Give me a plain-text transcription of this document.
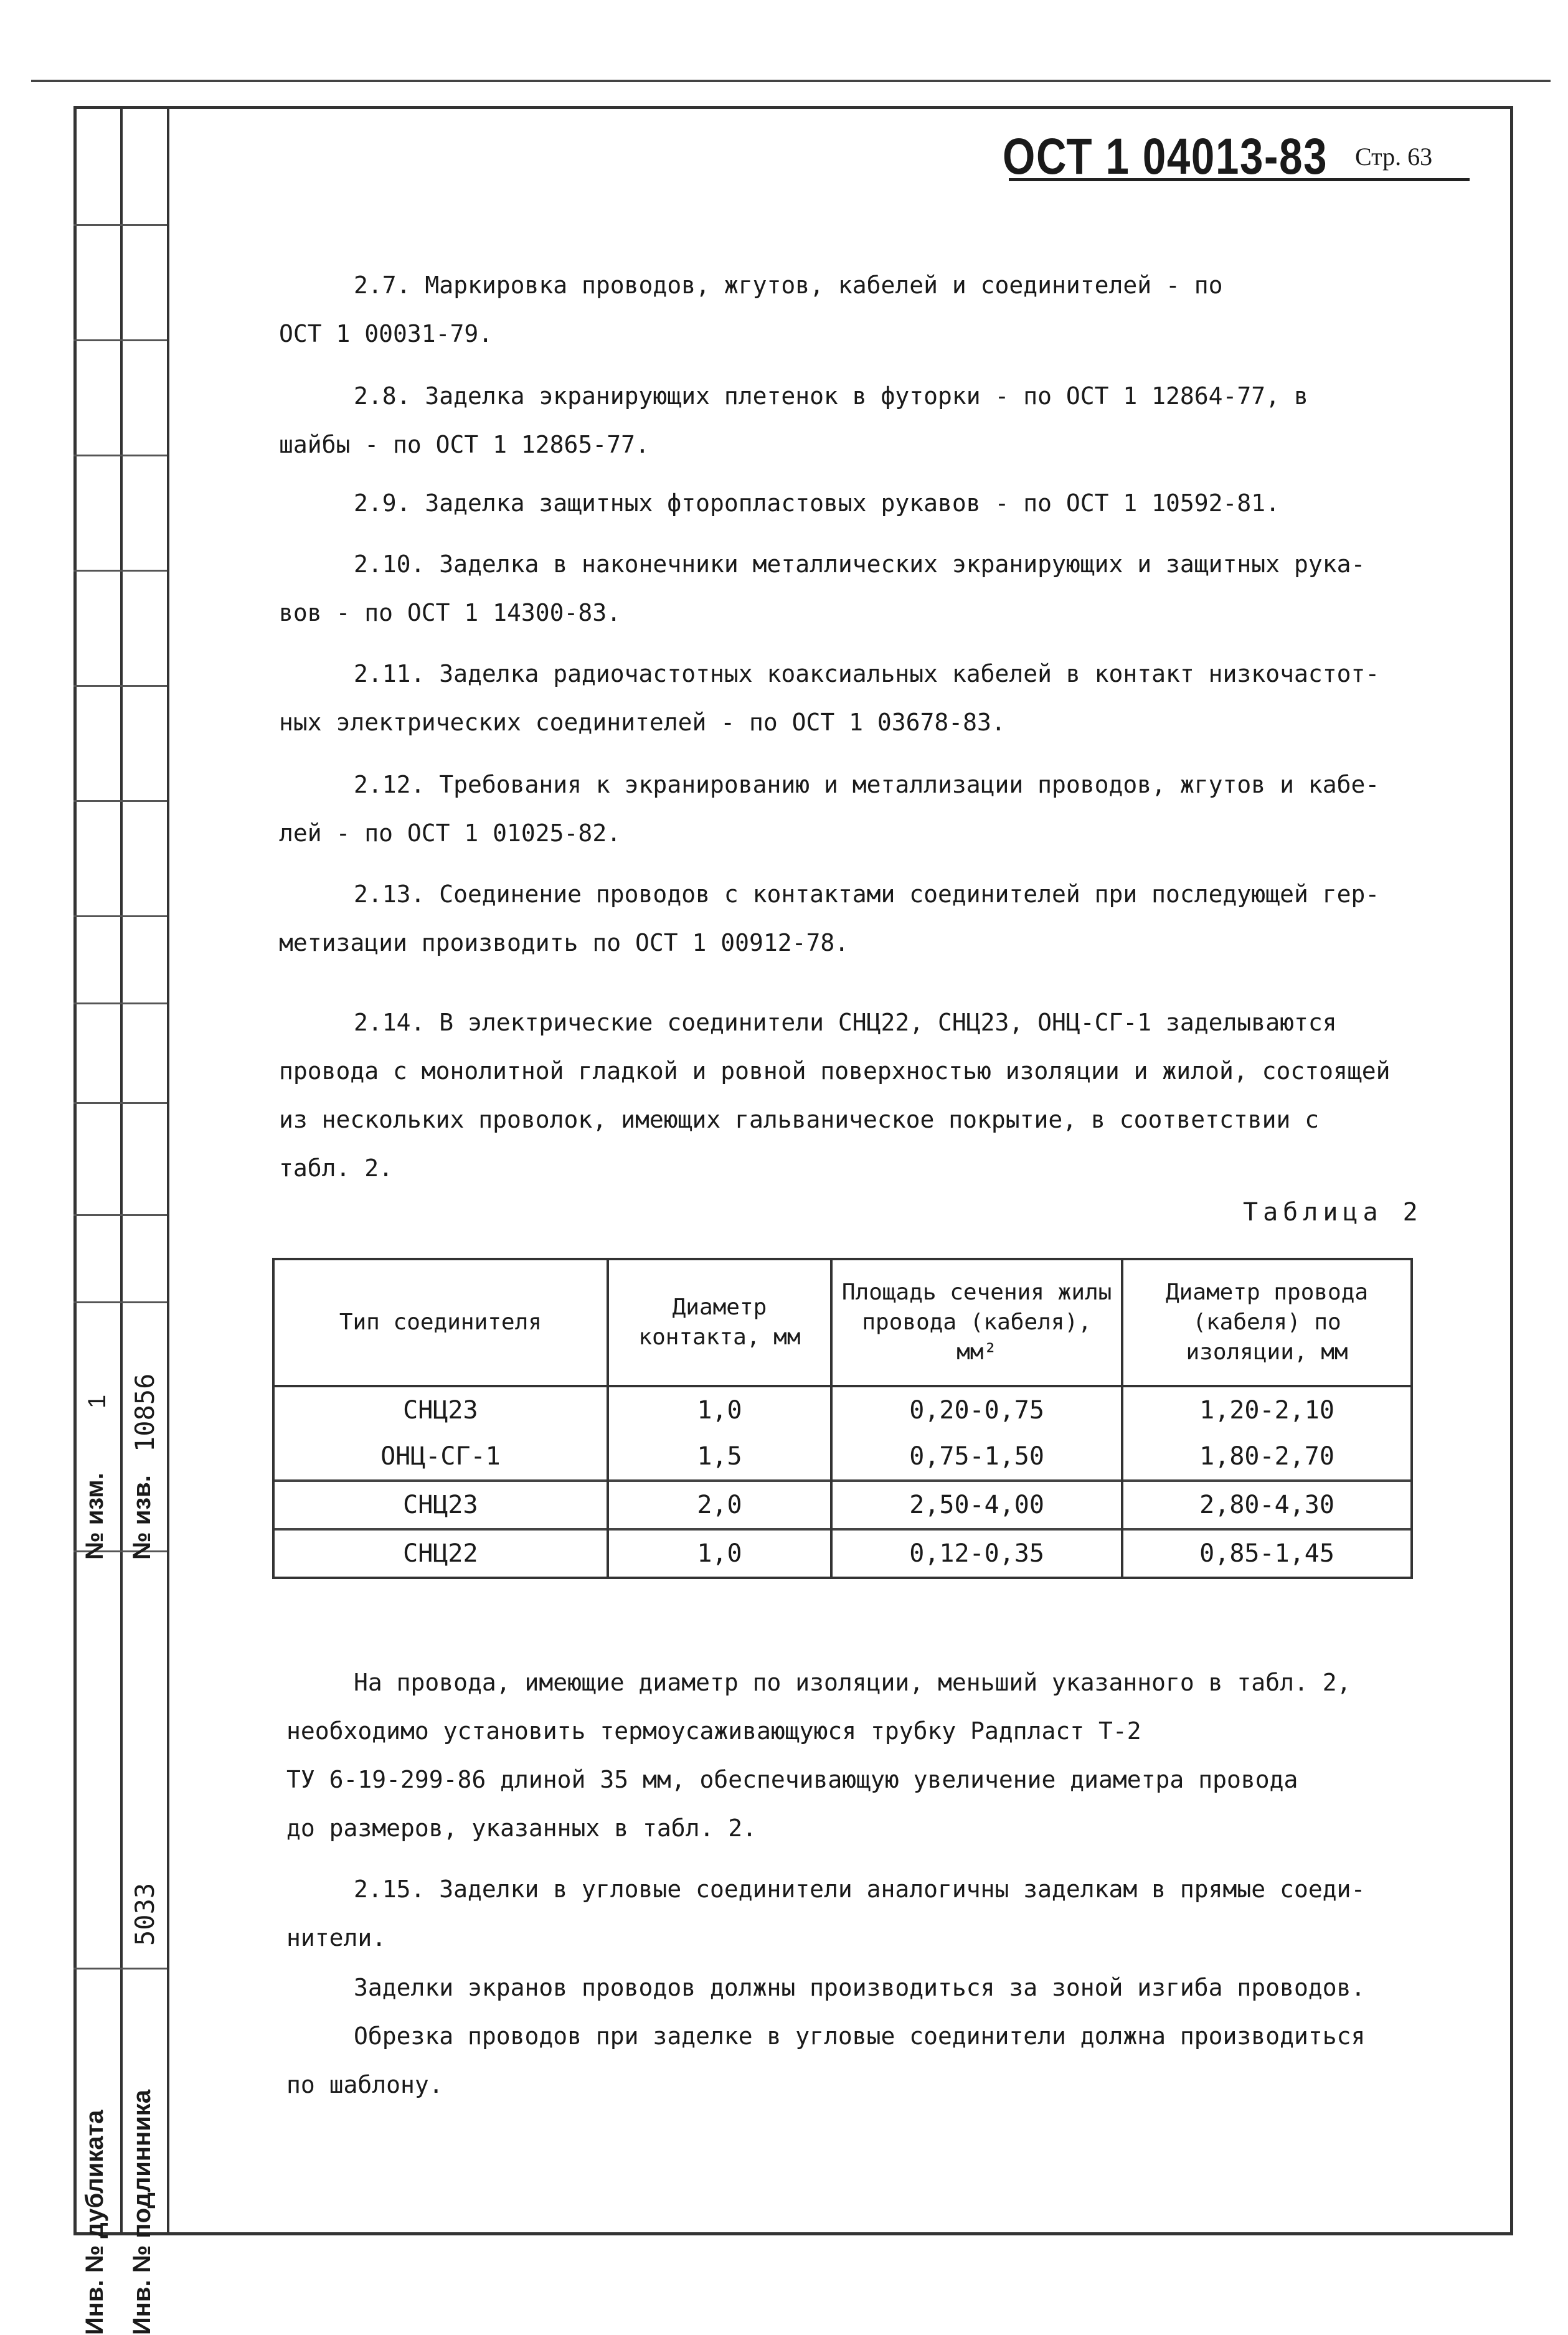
№ изм.
1
№ изв.
10856
Инв. № дубликата
5033
Инв. № подлинника
ОСТ 1 04013-83 Стр. 63
2.7. Маркировка проводов, жгутов, кабелей и соединителей - по
ОСТ 1 00031-79.
2.8. Заделка экранирующих плетенок в футорки - по ОСТ 1 12864-77, в
шайбы - по ОСТ 1 12865-77.
2.9. Заделка защитных фторопластовых рукавов - по ОСТ 1 10592-81.
2.10. Заделка в наконечники металлических экранирующих и защитных рука-
вов - по ОСТ 1 14300-83.
2.11. Заделка радиочастотных коаксиальных кабелей в контакт низкочастот-
ных электрических соединителей - по ОСТ 1 03678-83.
2.12. Требования к экранированию и металлизации проводов, жгутов и кабе-
лей - по ОСТ 1 01025-82.
2.13. Соединение проводов с контактами соединителей при последующей гер-
метизации производить по ОСТ 1 00912-78.
2.14. В электрические соединители СНЦ22, СНЦ23, ОНЦ-СГ-1 заделываются
провода с монолитной гладкой и ровной поверхностью изоляции и жилой, состоящей
из нескольких проволок, имеющих гальваническое покрытие, в соответствии с
табл. 2.
Таблица 2
Тип соединителя	Диаметр контакта, мм	Площадь сечения жилы провода (кабеля), мм²	Диаметр провода (кабеля) по изоляции, мм
СНЦ23	1,0	0,20-0,75	1,20-2,10
ОНЦ-СГ-1	1,5	0,75-1,50	1,80-2,70
СНЦ23	2,0	2,50-4,00	2,80-4,30
СНЦ22	1,0	0,12-0,35	0,85-1,45
На провода, имеющие диаметр по изоляции, меньший указанного в табл. 2,
необходимо установить термоусаживающуюся трубку Радпласт Т-2
ТУ 6-19-299-86 длиной 35 мм, обеспечивающую увеличение диаметра провода
до размеров, указанных в табл. 2.
2.15. Заделки в угловые соединители аналогичны заделкам в прямые соеди-
нители.
Заделки экранов проводов должны производиться за зоной изгиба проводов.
Обрезка проводов при заделке в угловые соединители должна производиться
по шаблону.
